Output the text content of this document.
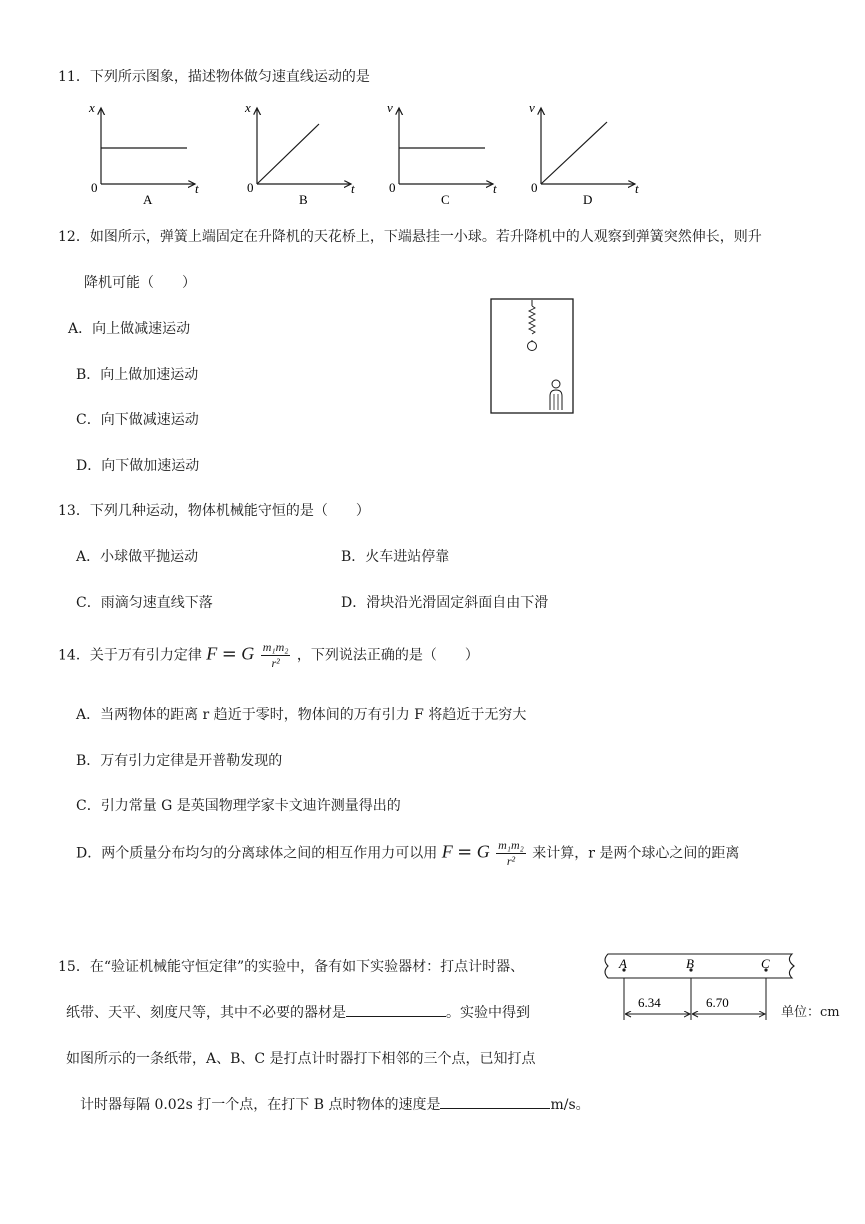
11．下列所示图象，描述物体做匀速直线运动的是
x
t
0
A
x
t
0
B
v
t
0
C
v
t
0
D
12．如图所示，弹簧上端固定在升降机的天花桥上，下端悬挂一小球。若升降机中的人观察到弹簧突然伸长，则升
降机可能（　　）
A．向上做减速运动
B．向上做加速运动
C．向下做减速运动
D．向下做加速运动
13．下列几种运动，物体机械能守恒的是（　　）
A．小球做平抛运动	B．火车进站停靠
C．雨滴匀速直线下落	D．滑块沿光滑固定斜面自由下滑
14．关于万有引力定律 F = G $\frac{\text{m₁m₂}}{\text{r²}}$ ，下列说法正确的是（　　）
A．当两物体的距离 r 趋近于零时，物体间的万有引力 F 将趋近于无穷大
B．万有引力定律是开普勒发现的
C．引力常量 G 是英国物理学家卡文迪许测量得出的
D．两个质量分布均匀的分离球体之间的相互作用力可以用 F = G $\frac{\text{m₁m₂}}{\text{r²}}$ 来计算，r 是两个球心之间的距离
15．在“验证机械能守恒定律”的实验中，备有如下实验器材：打点计时器、
纸带、天平、刻度尺等，其中不必要的器材是	。实验中得到
如图所示的一条纸带，A、B、C 是打点计时器打下相邻的三个点，已知打点
计时器每隔 0.02s 打一个点，在打下 B 点时物体的速度是	m/s。
A	B	C
6.34	6.70
单位：cm
